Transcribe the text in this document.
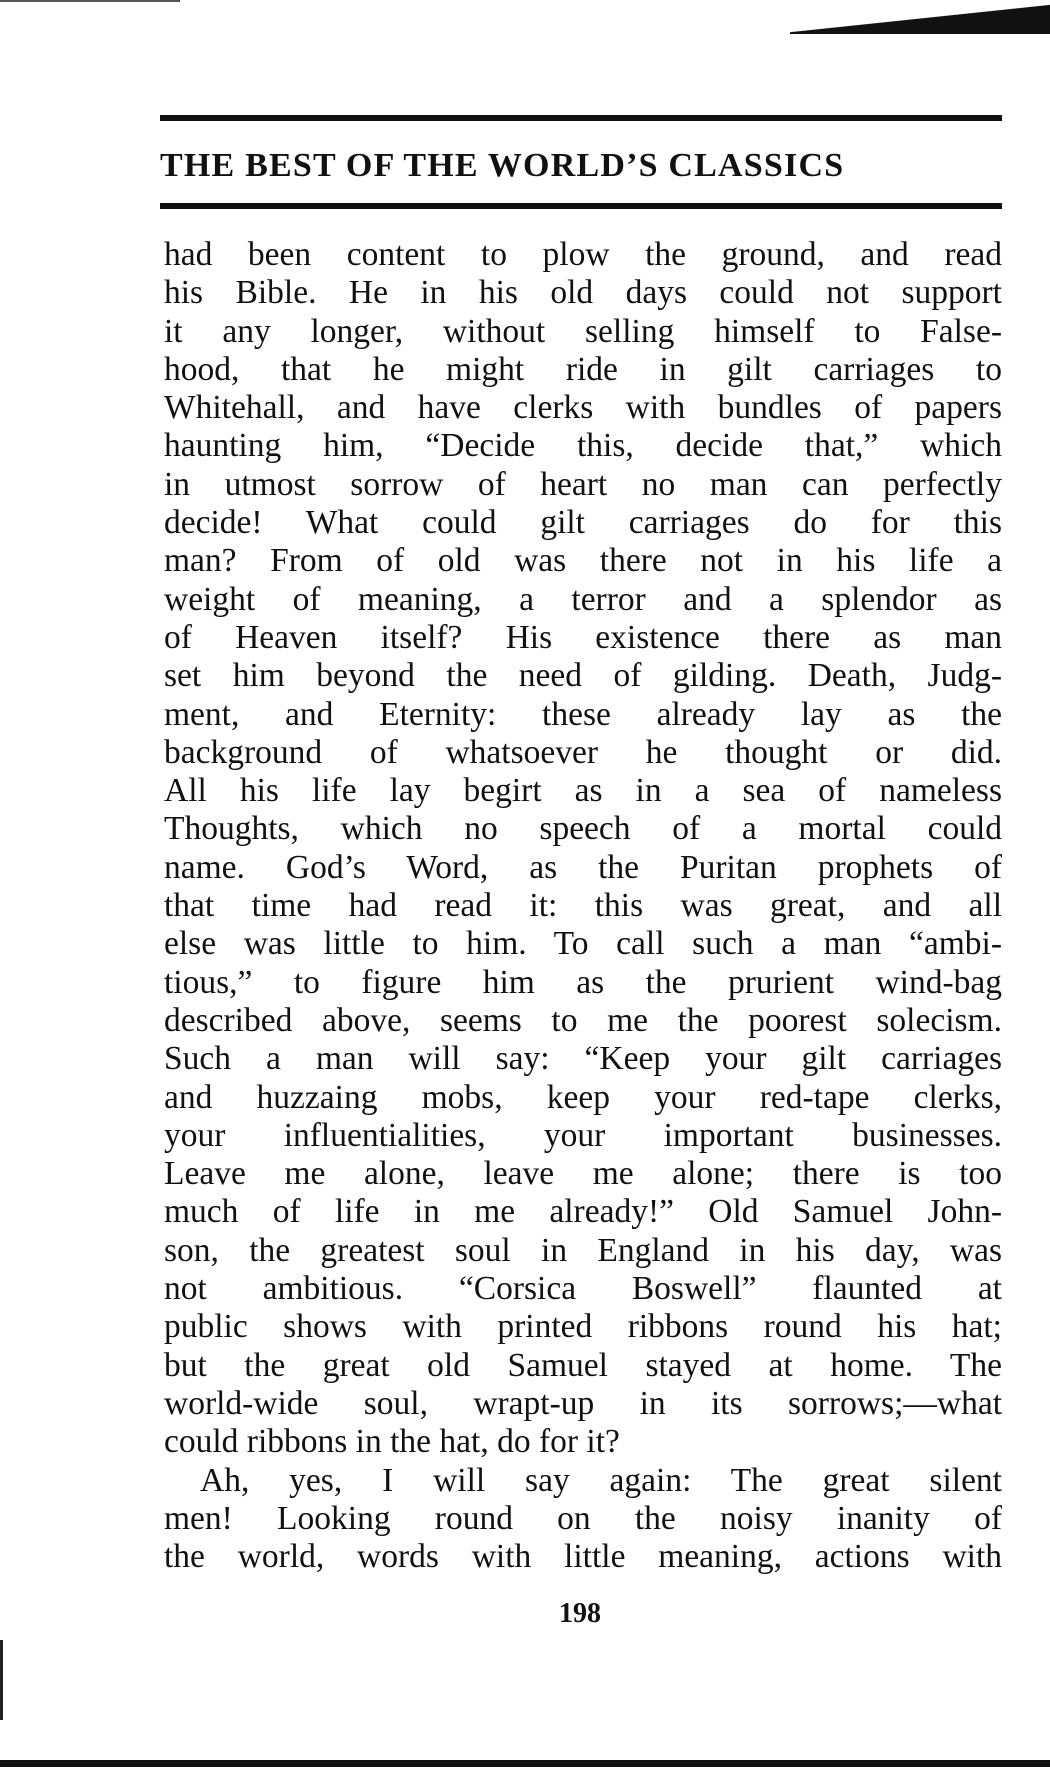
THE BEST OF THE WORLD’S CLASSICS
had been content to plow the ground, and read
his Bible. He in his old days could not support
it any longer, without selling himself to False-
hood, that he might ride in gilt carriages to
Whitehall, and have clerks with bundles of papers
haunting him, “Decide this, decide that,” which
in utmost sorrow of heart no man can perfectly
decide! What could gilt carriages do for this
man? From of old was there not in his life a
weight of meaning, a terror and a splendor as
of Heaven itself? His existence there as man
set him beyond the need of gilding. Death, Judg-
ment, and Eternity: these already lay as the
background of whatsoever he thought or did.
All his life lay begirt as in a sea of nameless
Thoughts, which no speech of a mortal could
name. God’s Word, as the Puritan prophets of
that time had read it: this was great, and all
else was little to him. To call such a man “ambi-
tious,” to figure him as the prurient wind-bag
described above, seems to me the poorest solecism.
Such a man will say: “Keep your gilt carriages
and huzzaing mobs, keep your red-tape clerks,
your influentialities, your important businesses.
Leave me alone, leave me alone; there is too
much of life in me already!” Old Samuel John-
son, the greatest soul in England in his day, was
not ambitious. “Corsica Boswell” flaunted at
public shows with printed ribbons round his hat;
but the great old Samuel stayed at home. The
world-wide soul, wrapt-up in its sorrows;—what
could ribbons in the hat, do for it?
Ah, yes, I will say again: The great silent
men! Looking round on the noisy inanity of
the world, words with little meaning, actions with
198
